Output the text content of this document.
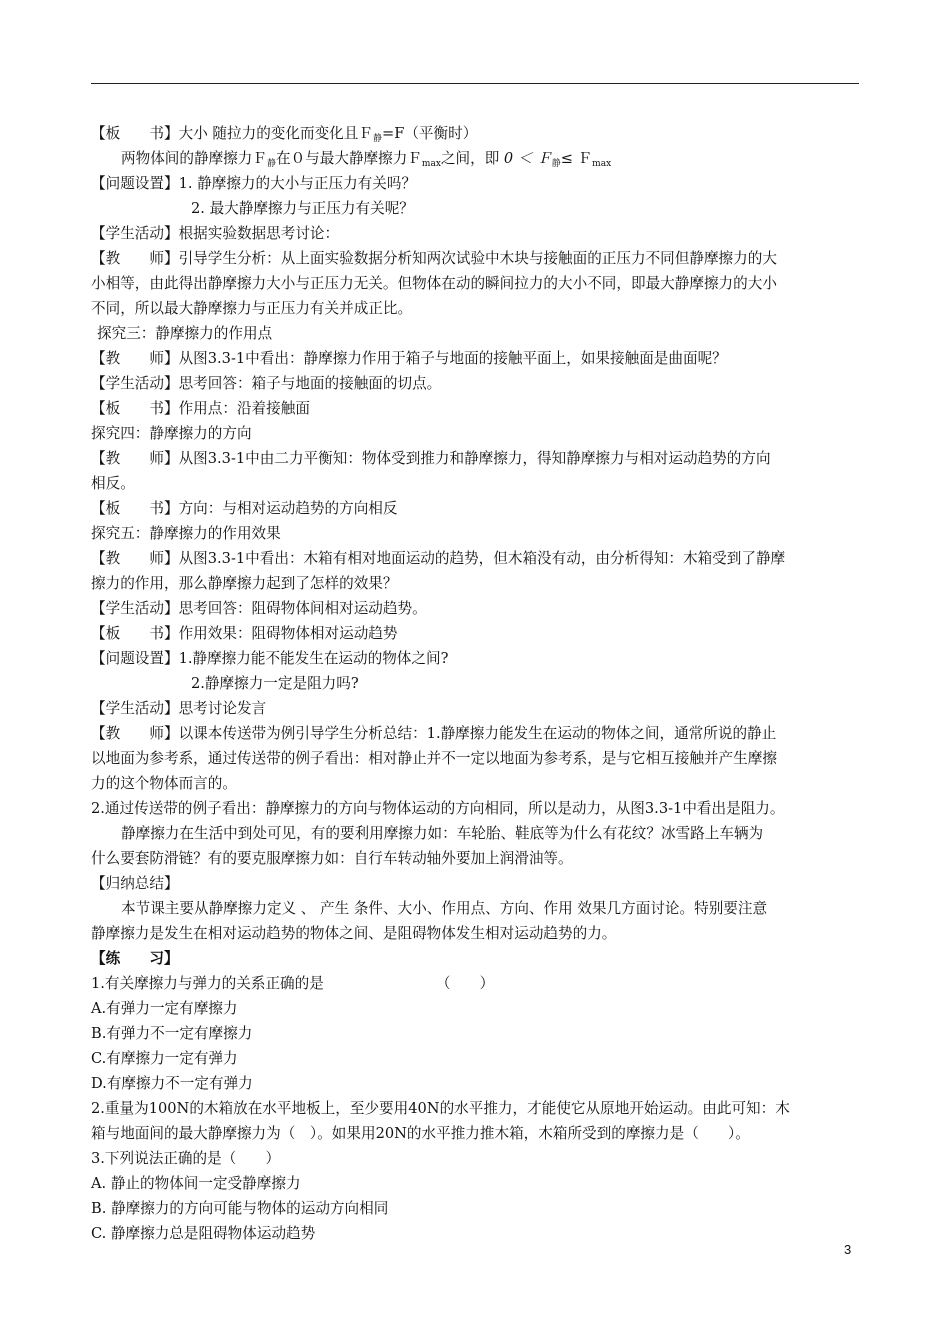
【板　　 书】大小 随拉力的变化而变化且Ｆ$_静$=F（平衡时）
两物体间的静摩擦力Ｆ$_静$在０与最大静摩擦力Ｆ$_{max}$之间，即 0 ＜ Ｆ$_静$≤ Ｆ$_{max}$
【问题设置】1. 静摩擦力的大小与正压力有关吗？
2. 最大静摩擦力与正压力有关呢？
【学生活动】根据实验数据思考讨论：
【教　　师】引导学生分析：从上面实验数据分析知两次试验中木块与接触面的正压力不同但静摩擦力的大
小相等，由此得出静摩擦力大小与正压力无关。但物体在动的瞬间拉力的大小不同，即最大静摩擦力的大小
不同，所以最大静摩擦力与正压力有关并成正比。
探究三：静摩擦力的作用点
【教　　师】从图3.3-1中看出：静摩擦力作用于箱子与地面的接触平面上，如果接触面是曲面呢？
【学生活动】思考回答：箱子与地面的接触面的切点。
【板　　书】作用点：沿着接触面
探究四：静摩擦力的方向
【教　　师】从图3.3-1中由二力平衡知：物体受到推力和静摩擦力，得知静摩擦力与相对运动趋势的方向
相反。
【板　　书】方向：与相对运动趋势的方向相反
探究五：静摩擦力的作用效果
【教　　师】从图3.3-1中看出：木箱有相对地面运动的趋势，但木箱没有动，由分析得知：木箱受到了静摩
擦力的作用，那么静摩擦力起到了怎样的效果？
【学生活动】思考回答：阻碍物体间相对运动趋势。
【板　　书】作用效果：阻碍物体相对运动趋势
【问题设置】1.静摩擦力能不能发生在运动的物体之间?
2.静摩擦力一定是阻力吗?
【学生活动】思考讨论发言
【教　　师】以课本传送带为例引导学生分析总结：1.静摩擦力能发生在运动的物体之间，通常所说的静止
以地面为参考系，通过传送带的例子看出：相对静止并不一定以地面为参考系，是与它相互接触并产生摩擦
力的这个物体而言的。
2.通过传送带的例子看出：静摩擦力的方向与物体运动的方向相同，所以是动力，从图3.3-1中看出是阻力。
静摩擦力在生活中到处可见，有的要利用摩擦力如：车轮胎、鞋底等为什么有花纹？冰雪路上车辆为
什么要套防滑链？有的要克服摩擦力如：自行车转动轴外要加上润滑油等。
【归纳总结】
本节课主要从静摩擦力定义 、 产生 条件、大小、作用点、方向、作用 效果几方面讨论。特别要注意
静摩擦力是发生在相对运动趋势的物体之间、是阻碍物体发生相对运动趋势的力。
【练　　习】
1.有关摩擦力与弹力的关系正确的是	（　　）
A.有弹力一定有摩擦力
B.有弹力不一定有摩擦力
C.有摩擦力一定有弹力
D.有摩擦力不一定有弹力
2.重量为100N的木箱放在水平地板上，至少要用40N的水平推力，才能使它从原地开始运动。由此可知：木
箱与地面间的最大静摩擦力为（　）。如果用20N的水平推力推木箱，木箱所受到的摩擦力是（　　）。
3.下列说法正确的是（　　）
A. 静止的物体间一定受静摩擦力
B. 静摩擦力的方向可能与物体的运动方向相同
C. 静摩擦力总是阻碍物体运动趋势
3
